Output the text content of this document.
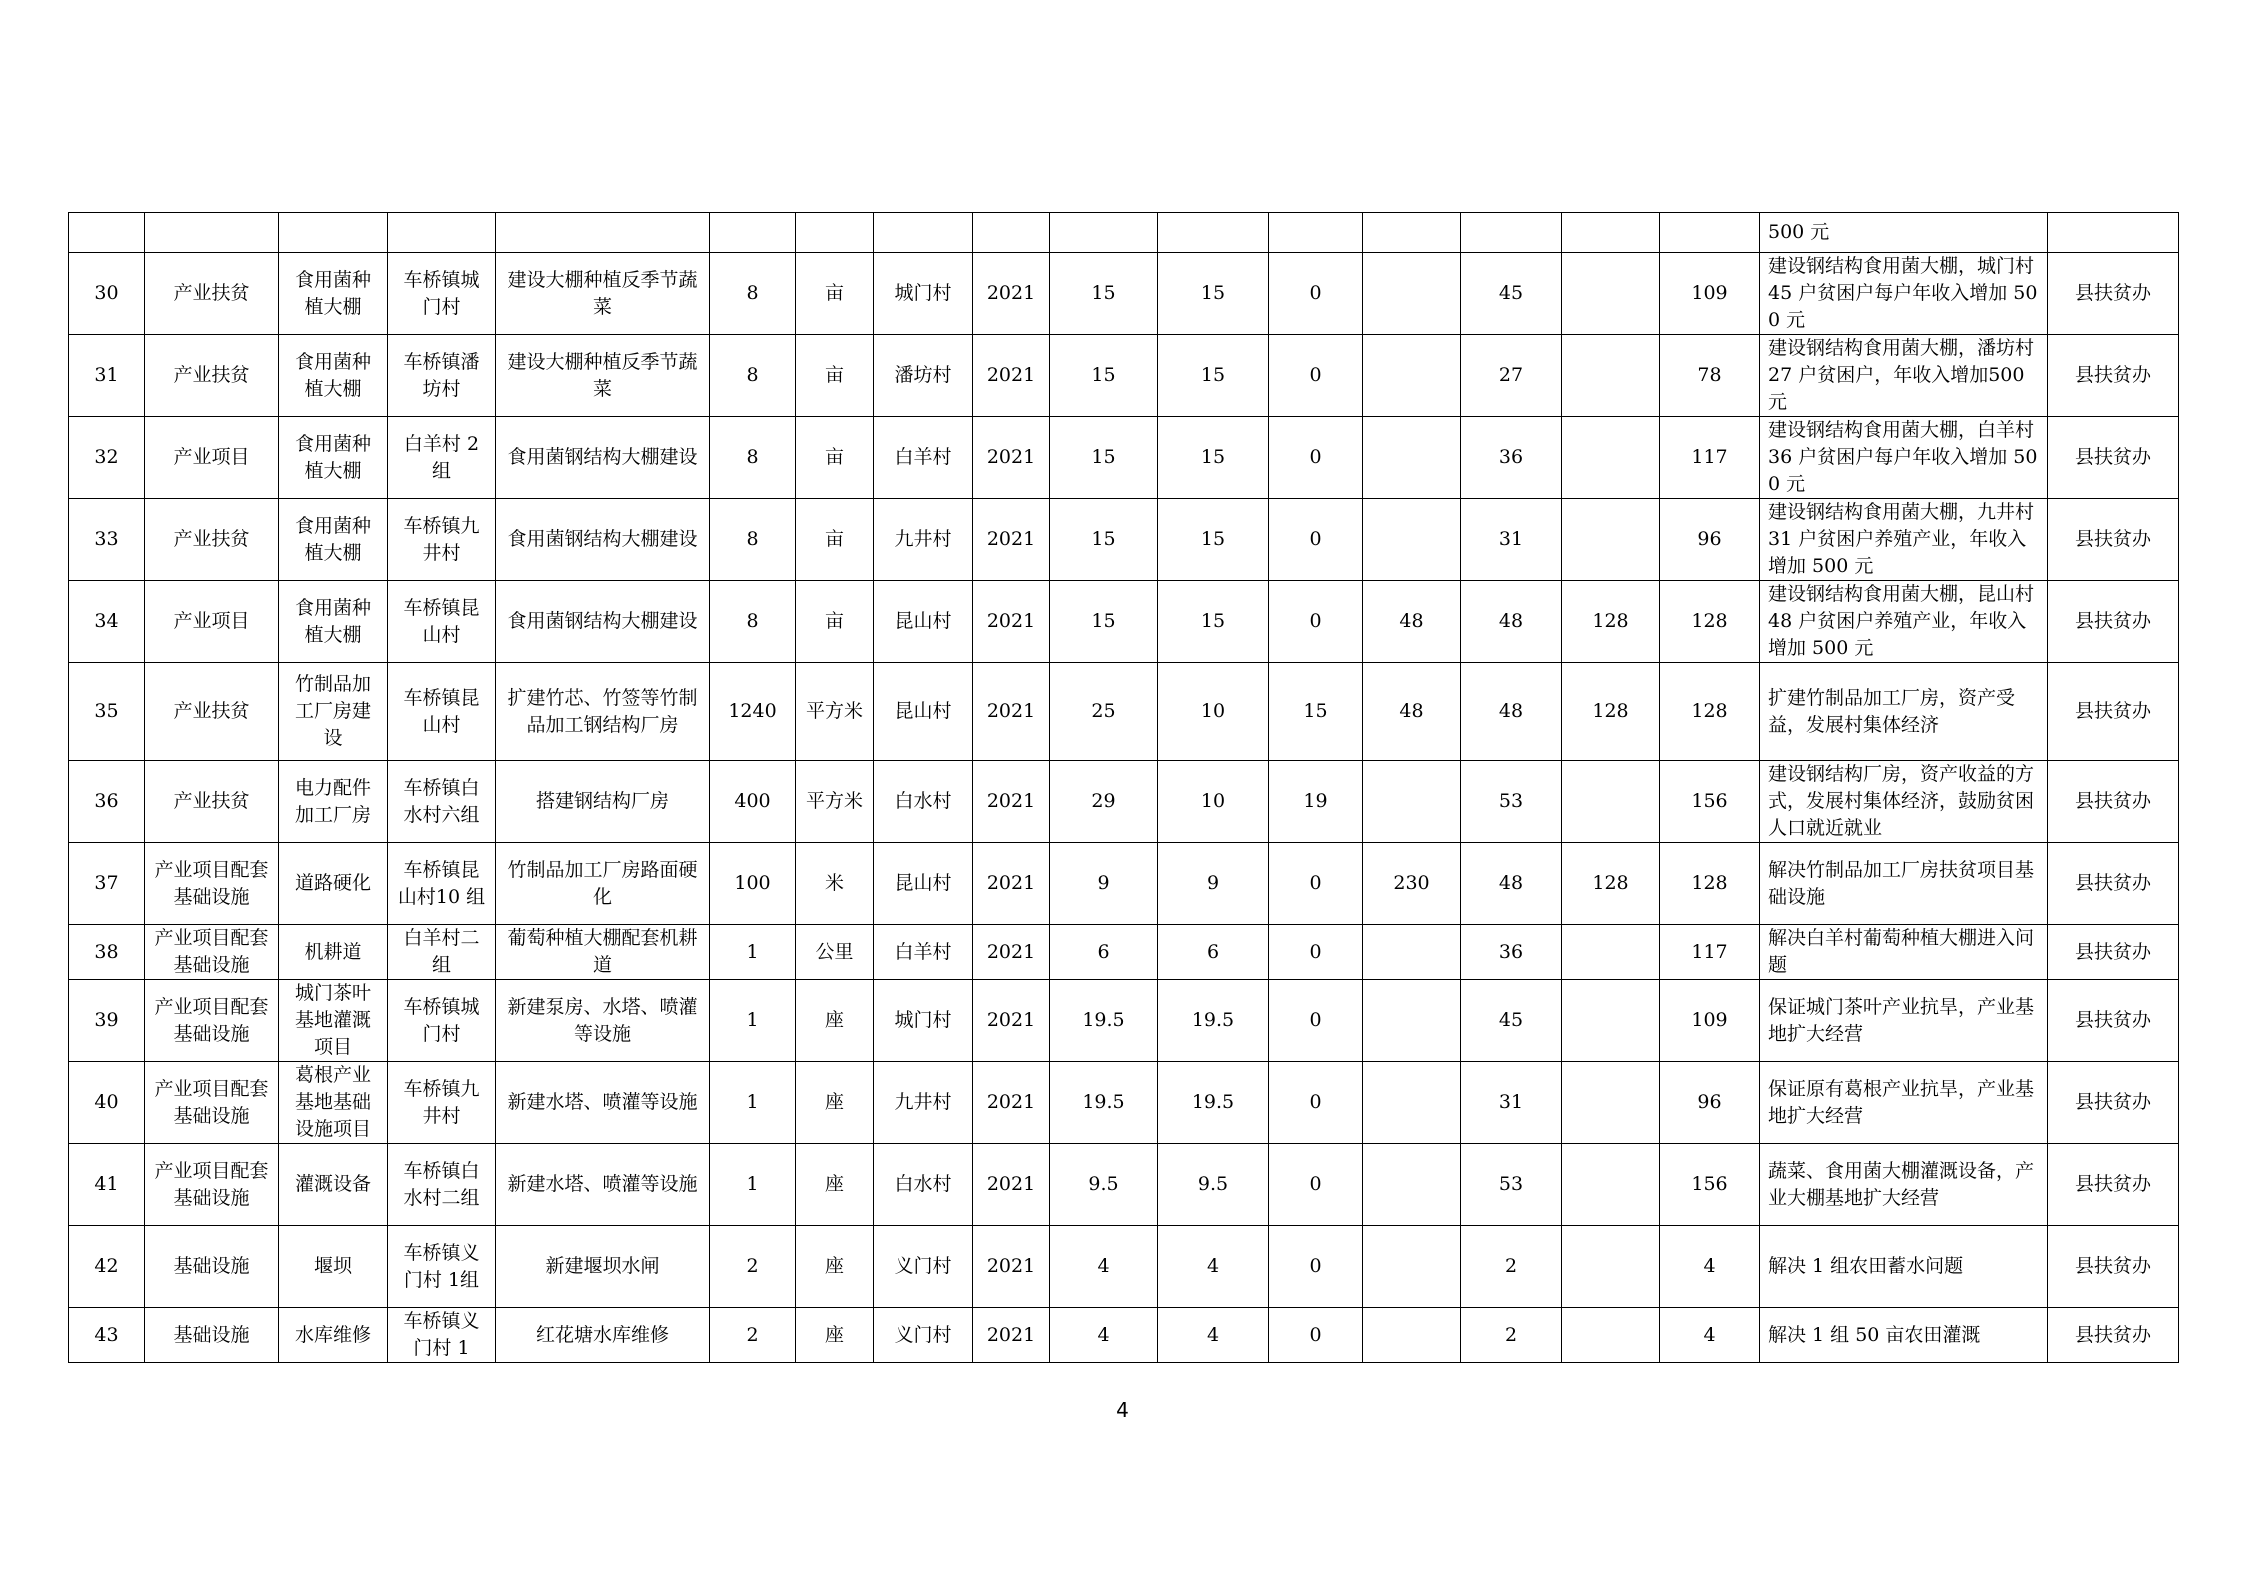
																500 元	
30	产业扶贫	食用菌种植大棚	车桥镇城门村	建设大棚种植反季节蔬菜	8	亩	城门村	2021	15	15	0		45		109	建设钢结构食用菌大棚，城门村 45 户贫困户每户年收入增加 500 元	县扶贫办
31	产业扶贫	食用菌种植大棚	车桥镇潘坊村	建设大棚种植反季节蔬菜	8	亩	潘坊村	2021	15	15	0		27		78	建设钢结构食用菌大棚，潘坊村 27 户贫困户，年收入增加500 元	县扶贫办
32	产业项目	食用菌种植大棚	白羊村 2 组	食用菌钢结构大棚建设	8	亩	白羊村	2021	15	15	0		36		117	建设钢结构食用菌大棚，白羊村 36 户贫困户每户年收入增加 500 元	县扶贫办
33	产业扶贫	食用菌种植大棚	车桥镇九井村	食用菌钢结构大棚建设	8	亩	九井村	2021	15	15	0		31		96	建设钢结构食用菌大棚，九井村 31 户贫困户养殖产业，年收入增加 500 元	县扶贫办
34	产业项目	食用菌种植大棚	车桥镇昆山村	食用菌钢结构大棚建设	8	亩	昆山村	2021	15	15	0	48	48	128	128	建设钢结构食用菌大棚，昆山村 48 户贫困户养殖产业，年收入增加 500 元	县扶贫办
35	产业扶贫	竹制品加工厂房建设	车桥镇昆山村	扩建竹芯、竹签等竹制品加工钢结构厂房	1240	平方米	昆山村	2021	25	10	15	48	48	128	128	扩建竹制品加工厂房，资产受益，发展村集体经济	县扶贫办
36	产业扶贫	电力配件加工厂房	车桥镇白水村六组	搭建钢结构厂房	400	平方米	白水村	2021	29	10	19		53		156	建设钢结构厂房，资产收益的方式，发展村集体经济，鼓励贫困人口就近就业	县扶贫办
37	产业项目配套基础设施	道路硬化	车桥镇昆山村10 组	竹制品加工厂房路面硬化	100	米	昆山村	2021	9	9	0	230	48	128	128	解决竹制品加工厂房扶贫项目基础设施	县扶贫办
38	产业项目配套基础设施	机耕道	白羊村二组	葡萄种植大棚配套机耕道	1	公里	白羊村	2021	6	6	0		36		117	解决白羊村葡萄种植大棚进入问题	县扶贫办
39	产业项目配套基础设施	城门茶叶基地灌溉项目	车桥镇城门村	新建泵房、水塔、喷灌等设施	1	座	城门村	2021	19.5	19.5	0		45		109	保证城门茶叶产业抗旱，产业基地扩大经营	县扶贫办
40	产业项目配套基础设施	葛根产业基地基础设施项目	车桥镇九井村	新建水塔、喷灌等设施	1	座	九井村	2021	19.5	19.5	0		31		96	保证原有葛根产业抗旱，产业基地扩大经营	县扶贫办
41	产业项目配套基础设施	灌溉设备	车桥镇白水村二组	新建水塔、喷灌等设施	1	座	白水村	2021	9.5	9.5	0		53		156	蔬菜、食用菌大棚灌溉设备，产业大棚基地扩大经营	县扶贫办
42	基础设施	堰坝	车桥镇义门村 1组	新建堰坝水闸	2	座	义门村	2021	4	4	0		2		4	解决 1 组农田蓄水问题	县扶贫办
43	基础设施	水库维修	车桥镇义门村 1	红花塘水库维修	2	座	义门村	2021	4	4	0		2		4	解决 1 组 50 亩农田灌溉	县扶贫办
4
